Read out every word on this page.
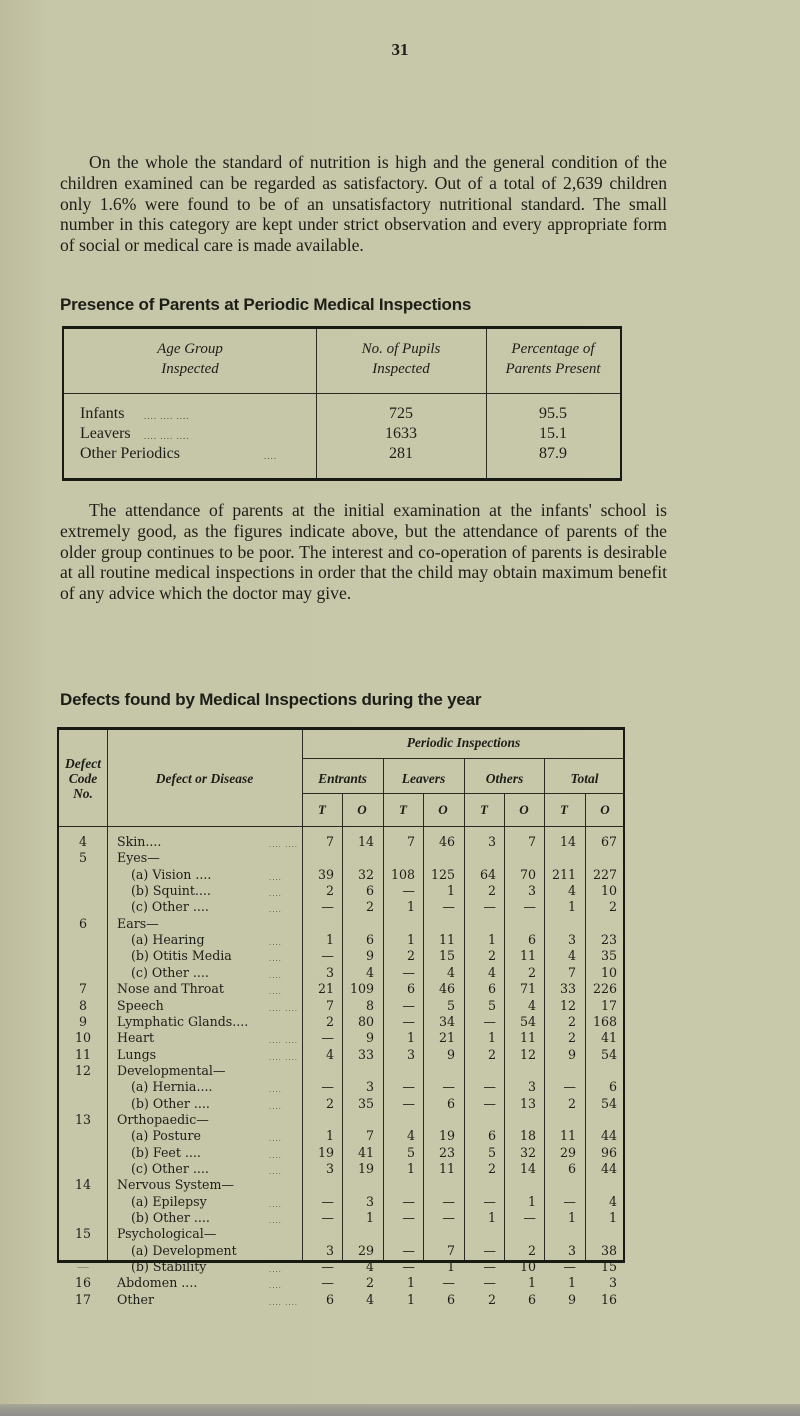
31

On the whole the standard of nutrition is high and the general condition of the children examined can be regarded as satisfactory. Out of a total of 2,639 children only 1.6% were found to be of an unsatisfactory nutritional standard. The small number in this category are kept under strict observation and every appropriate form of social or medical care is made available.

Presence of Parents at Periodic Medical Inspections
Age Group
Inspected
No. of Pupils
Inspected
Percentage of
Parents Present
Infants .... .... ....	725	95.5
Leavers .... .... ....	1633	15.1
Other Periodics	....	281	87.9

The attendance of parents at the initial examination at the infants' school is extremely good, as the figures indicate above, but the attendance of parents of the older group continues to be poor. The interest and co-operation of parents is desirable at all routine medical inspections in order that the child may obtain maximum benefit of any advice which the doctor may give.

Defects found by Medical Inspections during the year
Defect
Code
No.
Defect or Disease
Periodic Inspections
Entrants	Leavers	Others	Total
T	O	T	O	T	O	T	O
4	Skin....	.... ....	7	14	7	46	3	7	14	67
5	Eyes—
(a) Vision ....	....	39	32	108	125	64	70	211	227
(b) Squint....	....	2	6	—	1	2	3	4	10
(c) Other ....	....	—	2	1	—	—	—	1	2
6	Ears—
(a) Hearing	....	1	6	1	11	1	6	3	23
(b) Otitis Media	....	—	9	2	15	2	11	4	35
(c) Other ....	....	3	4	—	4	4	2	7	10
7	Nose and Throat	....	21	109	6	46	6	71	33	226
8	Speech	.... ....	7	8	—	5	5	4	12	17
9	Lymphatic Glands....	2	80	—	34	—	54	2	168
10	Heart	.... ....	—	9	1	21	1	11	2	41
11	Lungs	.... ....	4	33	3	9	2	12	9	54
12	Developmental—
(a) Hernia....	....	—	3	—	—	—	3	—	6
(b) Other ....	....	2	35	—	6	—	13	2	54
13	Orthopaedic—
(a) Posture	....	1	7	4	19	6	18	11	44
(b) Feet ....	....	19	41	5	23	5	32	29	96
(c) Other ....	....	3	19	1	11	2	14	6	44
14	Nervous System—
(a) Epilepsy	....	—	3	—	—	—	1	—	4
(b) Other ....	....	—	1	—	—	1	—	1	1
15	Psychological—
(a) Development	3	29	—	7	—	2	3	38
—	(b) Stability	....	—	4	—	1	—	10	—	15
16	Abdomen ....	....	—	2	1	—	—	1	1	3
17	Other	.... ....	6	4	1	6	2	6	9	16
